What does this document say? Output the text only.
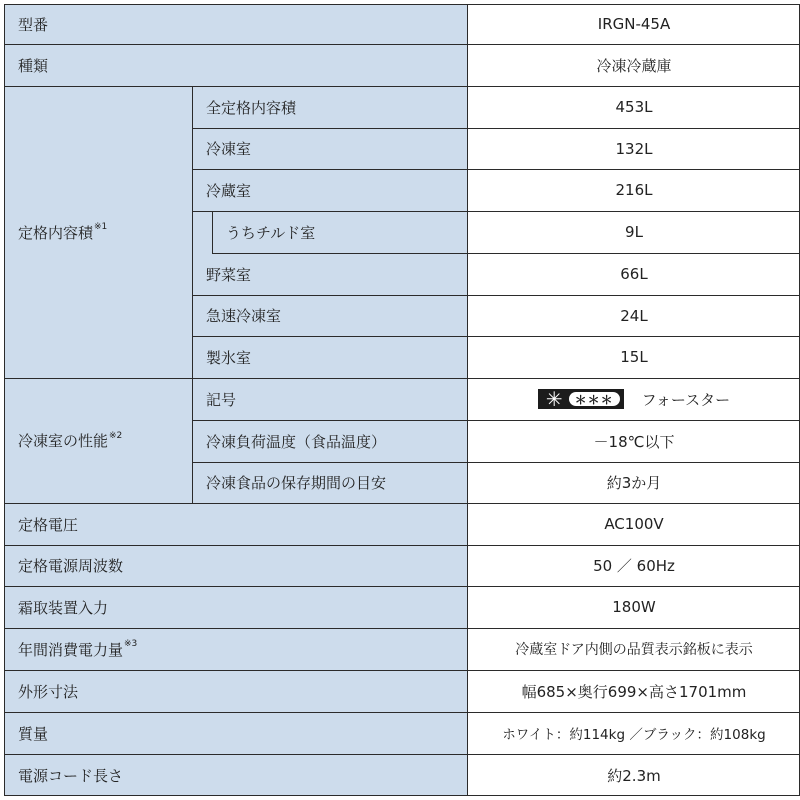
型番	IRGN-45A
種類	冷凍冷蔵庫
定格内容積$^{※1}$
全定格内容積	453L
冷凍室	132L
冷蔵室	216L
うちチルド室	9L
野菜室	66L
急速冷凍室	24L
製氷室	15L
冷凍室の性能$^{※2}$
記号	✳	＊＊＊	フォースター
冷凍負荷温度（食品温度）	－18℃以下
冷凍食品の保存期間の目安	約3か月
定格電圧	AC100V
定格電源周波数	50 ／ 60Hz
霜取装置入力	180W
年間消費電力量$^{※3}$	冷蔵室ドア内側の品質表示銘板に表示
外形寸法	幅685×奥行699×高さ1701mm
質量	ホワイト：約114kg ／ブラック：約108kg
電源コード長さ	約2.3m
